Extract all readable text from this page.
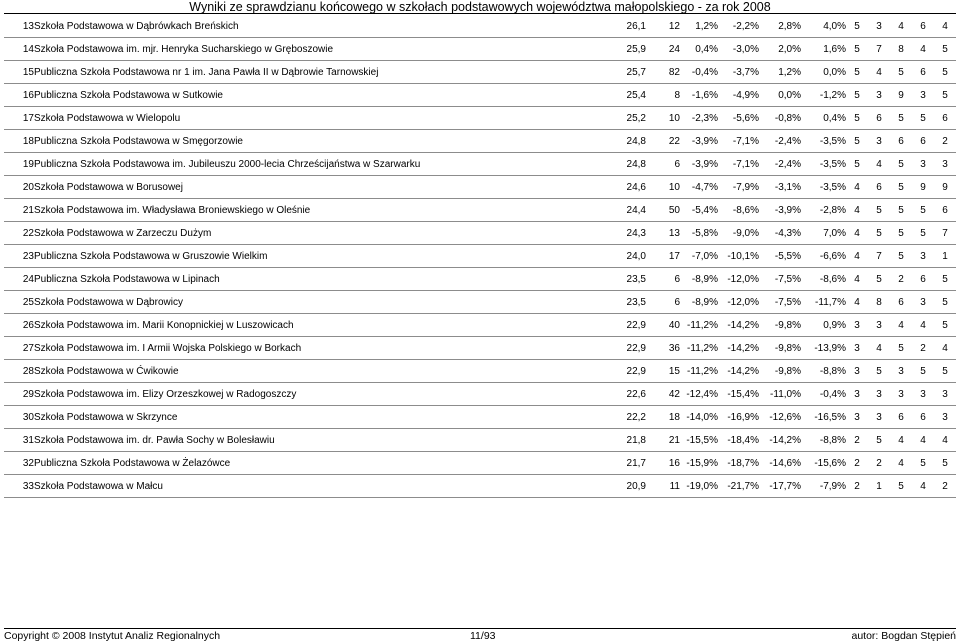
Wyniki ze sprawdzianu końcowego w szkołach podstawowych województwa małopolskiego - za rok 2008
13	Szkoła Podstawowa w Dąbrówkach Breńskich	26,1	12	1,2%	-2,2%	2,8%	4,0%	5	3	4	6	4
14	Szkoła Podstawowa im. mjr. Henryka Sucharskiego w Gręboszowie	25,9	24	0,4%	-3,0%	2,0%	1,6%	5	7	8	4	5
15	Publiczna Szkoła Podstawowa nr 1 im. Jana Pawła II w Dąbrowie Tarnowskiej	25,7	82	-0,4%	-3,7%	1,2%	0,0%	5	4	5	6	5
16	Publiczna Szkoła Podstawowa w Sutkowie	25,4	8	-1,6%	-4,9%	0,0%	-1,2%	5	3	9	3	5
17	Szkoła Podstawowa w Wielopolu	25,2	10	-2,3%	-5,6%	-0,8%	0,4%	5	6	5	5	6
18	Publiczna Szkoła Podstawowa w Smęgorzowie	24,8	22	-3,9%	-7,1%	-2,4%	-3,5%	5	3	6	6	2
19	Publiczna Szkoła Podstawowa im. Jubileuszu 2000-lecia Chrześcijaństwa w Szarwarku	24,8	6	-3,9%	-7,1%	-2,4%	-3,5%	5	4	5	3	3
20	Szkoła Podstawowa w Borusowej	24,6	10	-4,7%	-7,9%	-3,1%	-3,5%	4	6	5	9	9
21	Szkoła Podstawowa im. Władysława Broniewskiego w Oleśnie	24,4	50	-5,4%	-8,6%	-3,9%	-2,8%	4	5	5	5	6
22	Szkoła Podstawowa w Zarzeczu Dużym	24,3	13	-5,8%	-9,0%	-4,3%	7,0%	4	5	5	5	7
23	Publiczna Szkoła Podstawowa w Gruszowie Wielkim	24,0	17	-7,0%	-10,1%	-5,5%	-6,6%	4	7	5	3	1
24	Publiczna Szkoła Podstawowa w Lipinach	23,5	6	-8,9%	-12,0%	-7,5%	-8,6%	4	5	2	6	5
25	Szkoła Podstawowa w Dąbrowicy	23,5	6	-8,9%	-12,0%	-7,5%	-11,7%	4	8	6	3	5
26	Szkoła Podstawowa im. Marii Konopnickiej w Luszowicach	22,9	40	-11,2%	-14,2%	-9,8%	0,9%	3	3	4	4	5
27	Szkoła Podstawowa im. I Armii Wojska Polskiego w Borkach	22,9	36	-11,2%	-14,2%	-9,8%	-13,9%	3	4	5	2	4
28	Szkoła Podstawowa w Ćwikowie	22,9	15	-11,2%	-14,2%	-9,8%	-8,8%	3	5	3	5	5
29	Szkoła Podstawowa im. Elizy Orzeszkowej w Radogoszczy	22,6	42	-12,4%	-15,4%	-11,0%	-0,4%	3	3	3	3	3
30	Szkoła Podstawowa w Skrzynce	22,2	18	-14,0%	-16,9%	-12,6%	-16,5%	3	3	6	6	3
31	Szkoła Podstawowa im. dr. Pawła Sochy w Bolesławiu	21,8	21	-15,5%	-18,4%	-14,2%	-8,8%	2	5	4	4	4
32	Publiczna Szkoła Podstawowa w Żelazówce	21,7	16	-15,9%	-18,7%	-14,6%	-15,6%	2	2	4	5	5
33	Szkoła Podstawowa w Małcu	20,9	11	-19,0%	-21,7%	-17,7%	-7,9%	2	1	5	4	2
Copyright © 2008 Instytut Analiz Regionalnych	11/93	autor: Bogdan Stępień
